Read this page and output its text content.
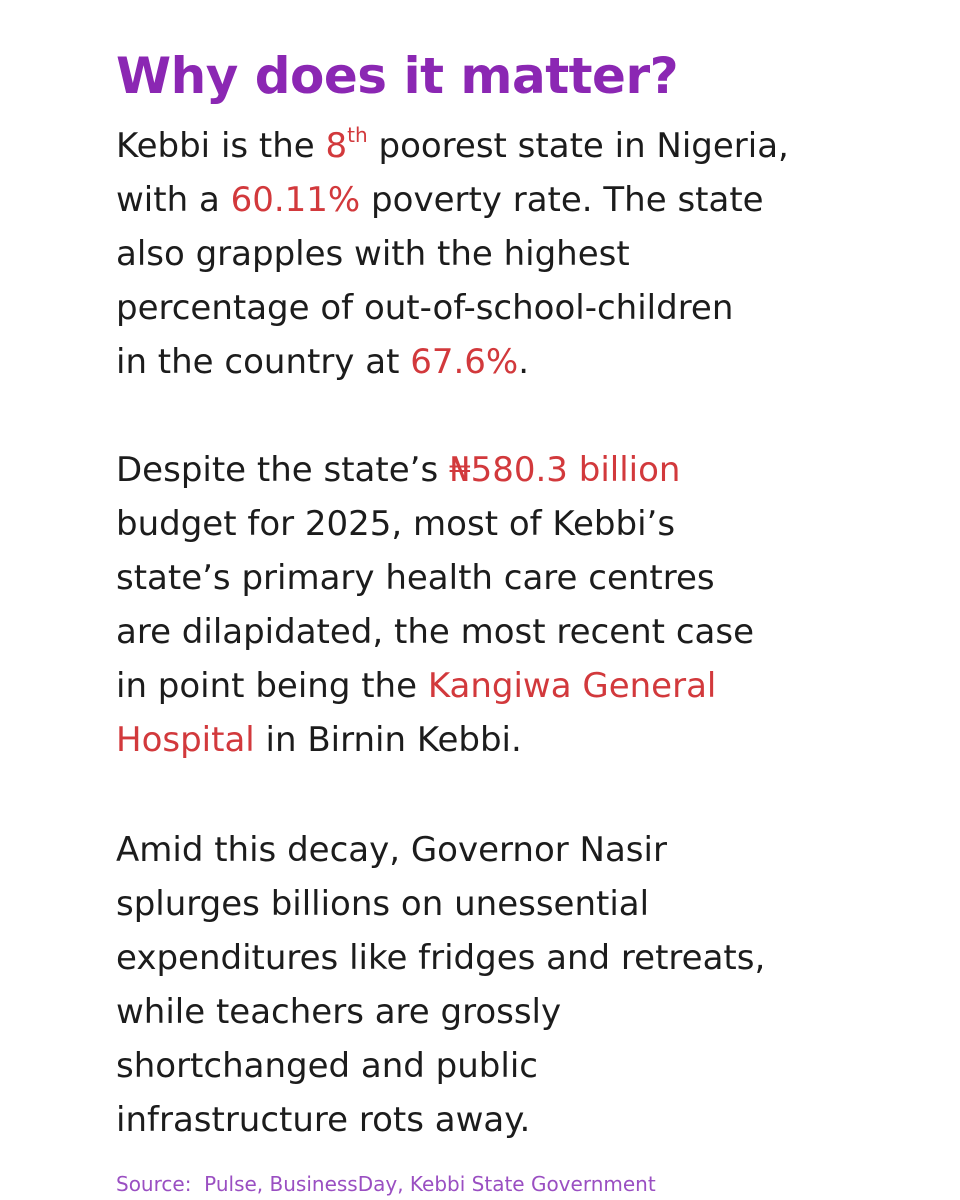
Why does it matter?

Kebbi is the 8th poorest state in Nigeria,
with a 60.11% poverty rate. The state
also grapples with the highest
percentage of out-of-school-children
in the country at 67.6%.

Despite the state’s ₦580.3 billion
budget for 2025, most of Kebbi’s
state’s primary health care centres
are dilapidated, the most recent case
in point being the Kangiwa General
Hospital in Birnin Kebbi.

Amid this decay, Governor Nasir
splurges billions on unessential
expenditures like fridges and retreats,
while teachers are grossly
shortchanged and public
infrastructure rots away.

Source:  Pulse, BusinessDay, Kebbi State Government
